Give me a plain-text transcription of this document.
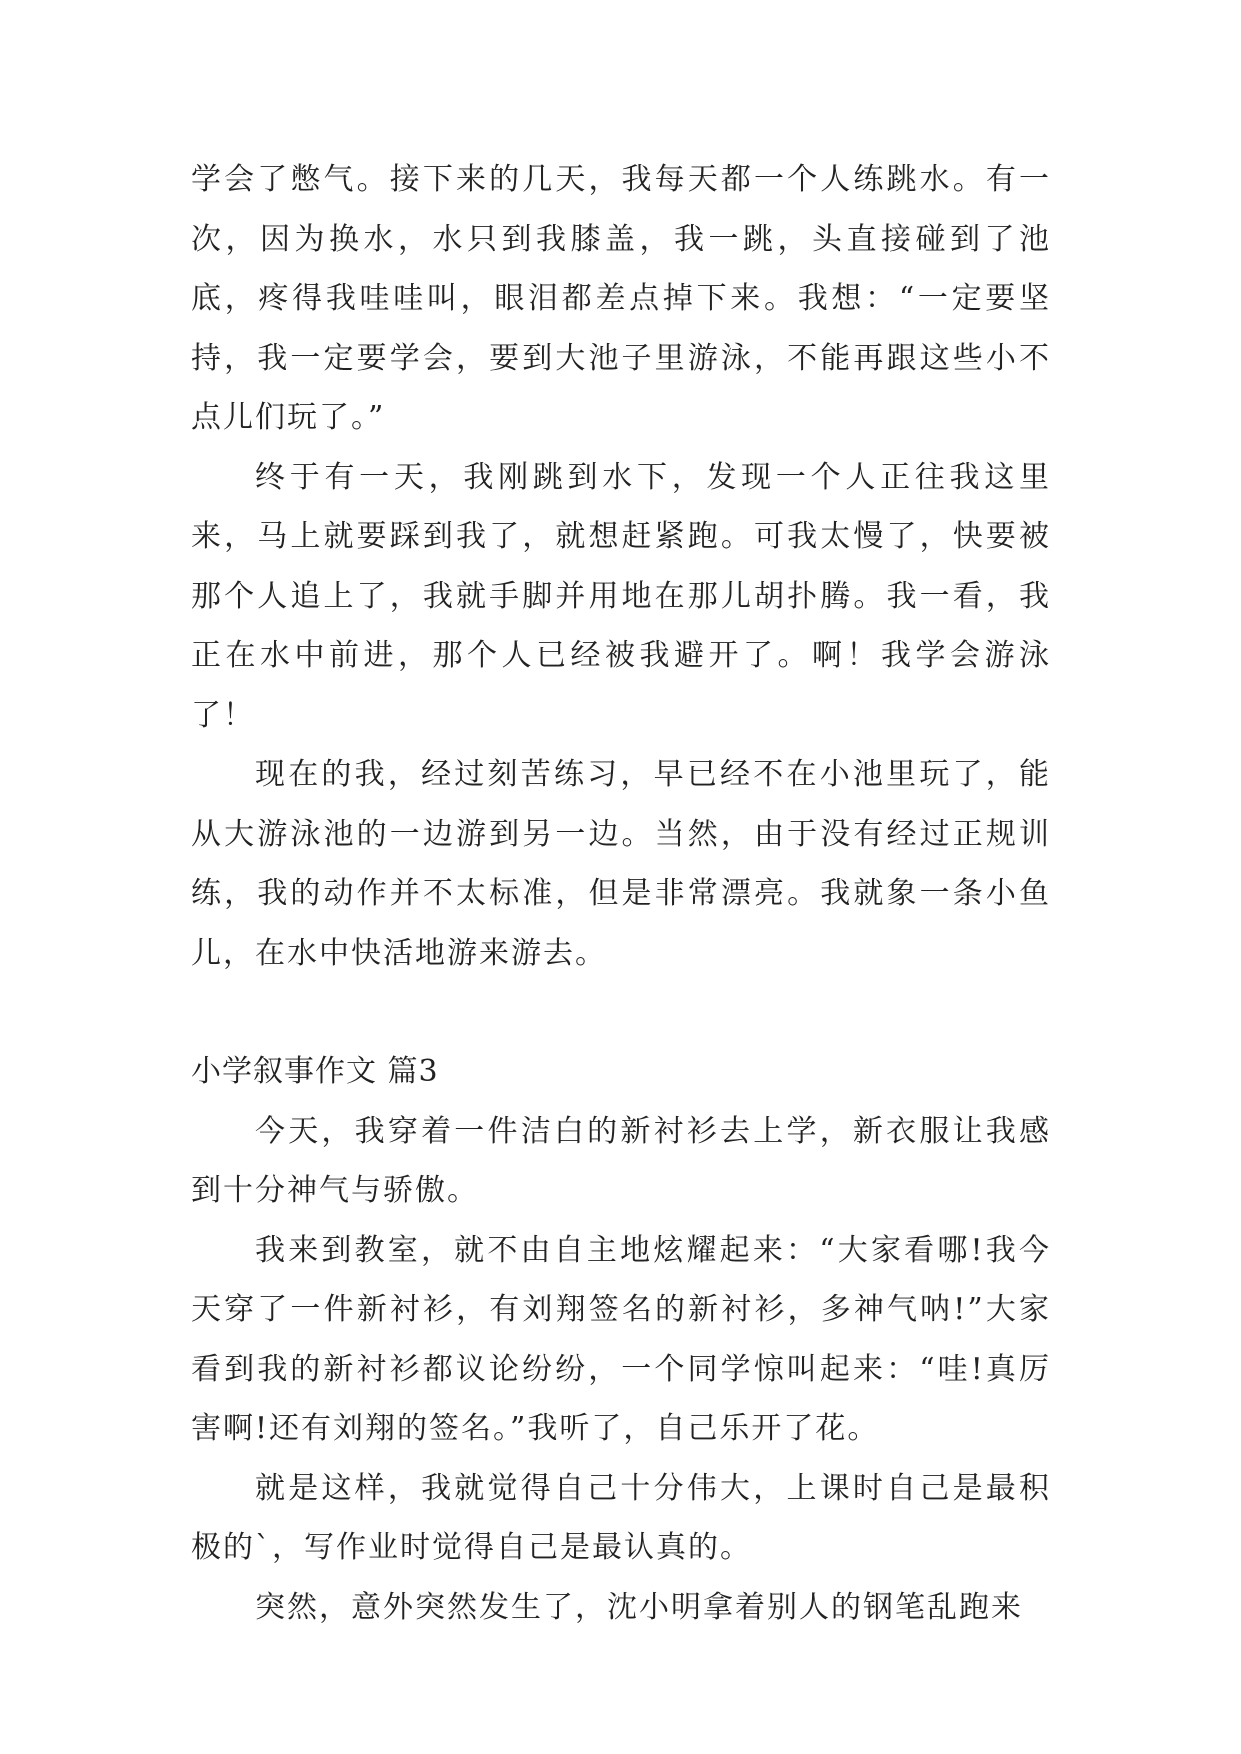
学会了憋气。接下来的几天，我每天都一个人练跳水。有一次，因为换水，水只到我膝盖，我一跳，头直接碰到了池底，疼得我哇哇叫，眼泪都差点掉下来。我想：“一定要坚持，我一定要学会，要到大池子里游泳，不能再跟这些小不点儿们玩了。”

终于有一天，我刚跳到水下，发现一个人正往我这里来，马上就要踩到我了，就想赶紧跑。可我太慢了，快要被那个人追上了，我就手脚并用地在那儿胡扑腾。我一看，我正在水中前进，那个人已经被我避开了。啊！我学会游泳了！

现在的我，经过刻苦练习，早已经不在小池里玩了，能从大游泳池的一边游到另一边。当然，由于没有经过正规训练，我的动作并不太标准，但是非常漂亮。我就象一条小鱼儿，在水中快活地游来游去。

小学叙事作文 篇3

今天，我穿着一件洁白的新衬衫去上学，新衣服让我感到十分神气与骄傲。

我来到教室，就不由自主地炫耀起来：“大家看哪!我今天穿了一件新衬衫，有刘翔签名的新衬衫，多神气呐!”大家看到我的新衬衫都议论纷纷，一个同学惊叫起来：“哇!真厉害啊!还有刘翔的签名。”我听了，自己乐开了花。

就是这样，我就觉得自己十分伟大，上课时自己是最积极的`，写作业时觉得自己是最认真的。

突然，意外突然发生了，沈小明拿着别人的钢笔乱跑来
